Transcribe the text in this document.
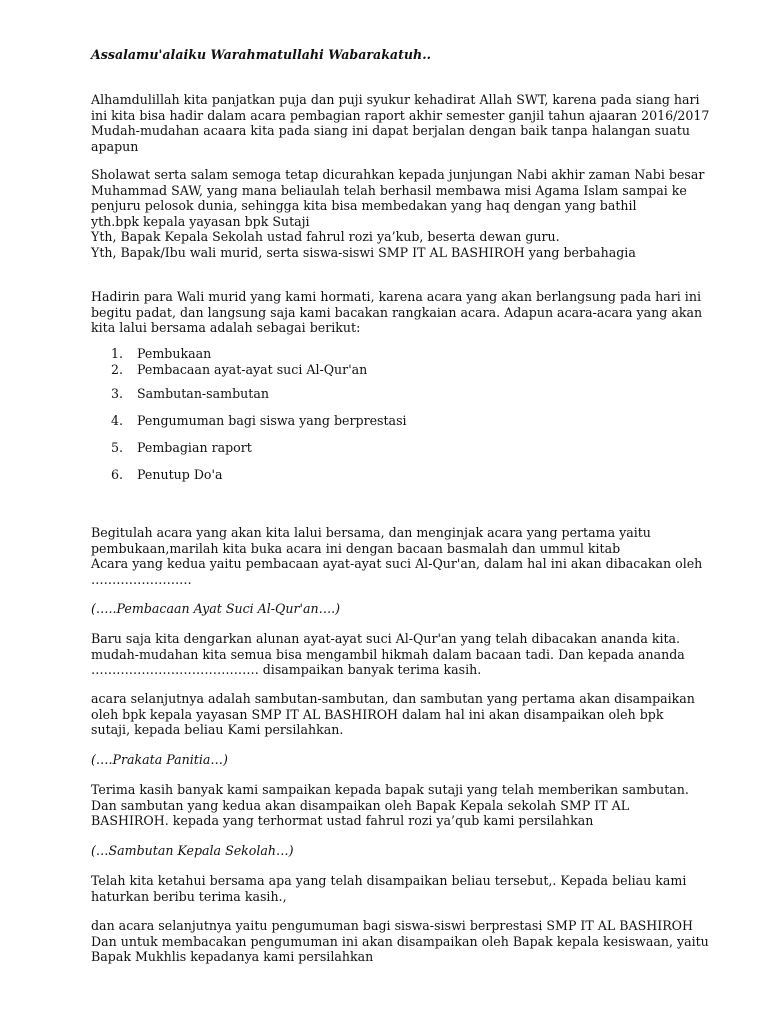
Assalamu'alaiku Warahmatullahi Wabarakatuh..
Alhamdulillah kita panjatkan puja dan puji syukur kehadirat Allah SWT, karena pada siang hari
ini kita bisa hadir dalam acara pembagian raport akhir semester ganjil tahun ajaaran 2016/2017
Mudah-mudahan acaara kita pada siang ini dapat berjalan dengan baik tanpa halangan suatu
apapun
Sholawat serta salam semoga tetap dicurahkan kepada junjungan Nabi akhir zaman Nabi besar
Muhammad SAW, yang mana beliaulah telah berhasil membawa misi Agama Islam sampai ke
penjuru pelosok dunia, sehingga kita bisa membedakan yang haq dengan yang bathil
yth.bpk kepala yayasan bpk Sutaji
Yth, Bapak Kepala Sekolah ustad fahrul rozi ya’kub, beserta dewan guru.
Yth, Bapak/Ibu wali murid, serta siswa-siswi SMP IT AL BASHIROH yang berbahagia
Hadirin para Wali murid yang kami hormati, karena acara yang akan berlangsung pada hari ini
begitu padat, dan langsung saja kami bacakan rangkaian acara. Adapun acara-acara yang akan
kita lalui bersama adalah sebagai berikut:
1. Pembukaan
2. Pembacaan ayat-ayat suci Al-Qur'an
3. Sambutan-sambutan
4. Pengumuman bagi siswa yang berprestasi
5. Pembagian raport
6. Penutup Do'a
Begitulah acara yang akan kita lalui bersama, dan menginjak acara yang pertama yaitu
pembukaan,marilah kita buka acara ini dengan bacaan basmalah dan ummul kitab
Acara yang kedua yaitu pembacaan ayat-ayat suci Al-Qur'an, dalam hal ini akan dibacakan oleh
……………………
(…..Pembacaan Ayat Suci Al-Qur'an….)
Baru saja kita dengarkan alunan ayat-ayat suci Al-Qur'an yang telah dibacakan ananda kita.
mudah-mudahan kita semua bisa mengambil hikmah dalam bacaan tadi. Dan kepada ananda
…………………………………. disampaikan banyak terima kasih.
acara selanjutnya adalah sambutan-sambutan, dan sambutan yang pertama akan disampaikan
oleh bpk kepala yayasan SMP IT AL BASHIROH dalam hal ini akan disampaikan oleh bpk
sutaji, kepada beliau Kami persilahkan.
(….Prakata Panitia…)
Terima kasih banyak kami sampaikan kepada bapak sutaji yang telah memberikan sambutan.
Dan sambutan yang kedua akan disampaikan oleh Bapak Kepala sekolah SMP IT AL
BASHIROH. kepada yang terhormat ustad fahrul rozi ya’qub kami persilahkan
(…Sambutan Kepala Sekolah…)
Telah kita ketahui bersama apa yang telah disampaikan beliau tersebut,. Kepada beliau kami
haturkan beribu terima kasih.,
dan acara selanjutnya yaitu pengumuman bagi siswa-siswi berprestasi SMP IT AL BASHIROH
Dan untuk membacakan pengumuman ini akan disampaikan oleh Bapak kepala kesiswaan, yaitu
Bapak Mukhlis kepadanya kami persilahkan
